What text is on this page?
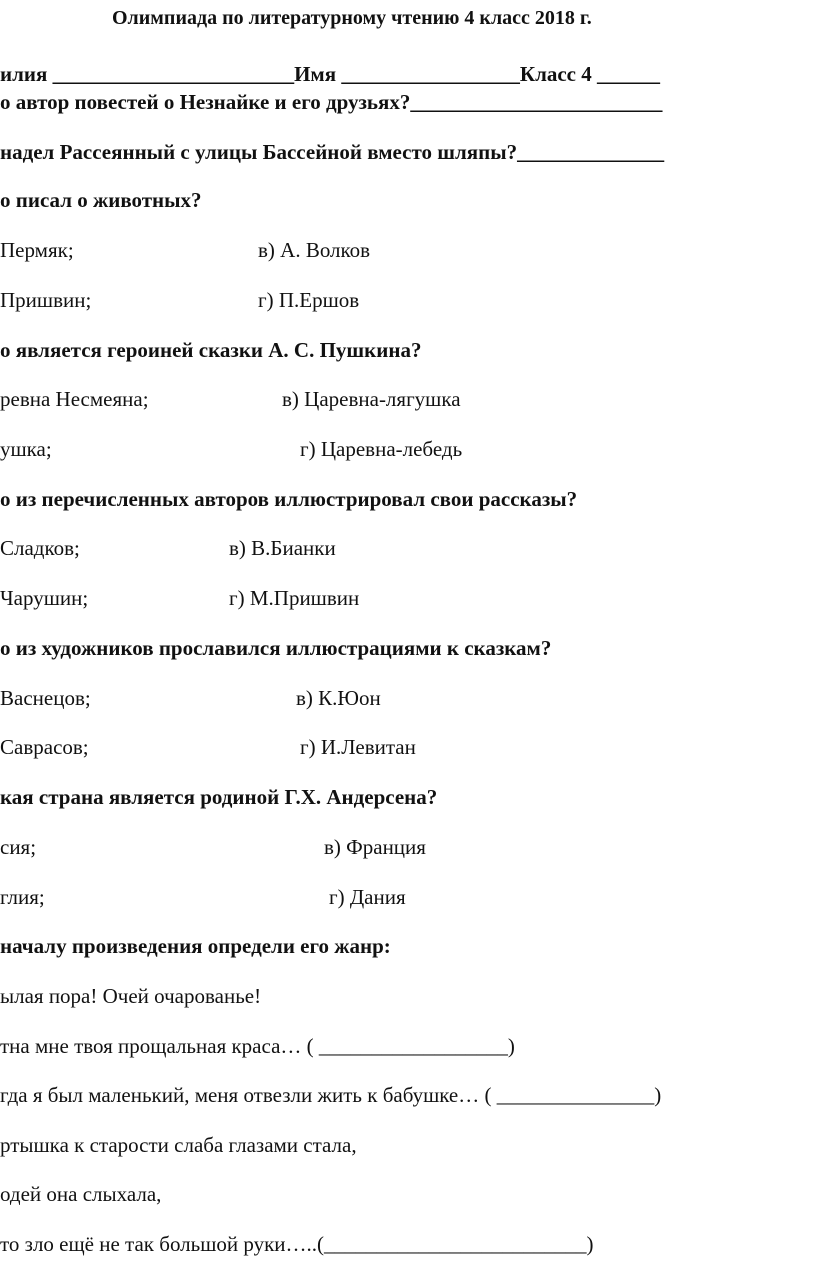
Олимпиада по литературному чтению 4 класс 2018 г.
илия _______________________Имя _________________Класс 4 ______
о автор повестей о Незнайке и его друзьях?________________________
надел Рассеянный с улицы Бассейной вместо шляпы?______________
о писал о животных?
Пермяк;	в) А. Волков
Пришвин;	г) П.Ершов
о является героиней сказки А. С. Пушкина?
ревна Несмеяна;	в) Царевна-лягушка
ушка;	г) Царевна-лебедь
о из перечисленных авторов иллюстрировал свои рассказы?
Сладков;	в) В.Бианки
Чарушин;	г) М.Пришвин
о из художников прославился иллюстрациями к сказкам?
Васнецов;	в) К.Юон
Саврасов;	г) И.Левитан
кая страна является родиной Г.Х. Андерсена?
сия;	в) Франция
глия;	г) Дания
началу произведения определи его жанр:
ылая пора! Очей очарованье!
тна мне твоя прощальная краса… ( __________________)
гда я был маленький, меня отвезли жить к бабушке… ( _______________)
ртышка к старости слаба глазами стала,
одей она слыхала,
то зло ещё не так большой руки…..(_________________________)
